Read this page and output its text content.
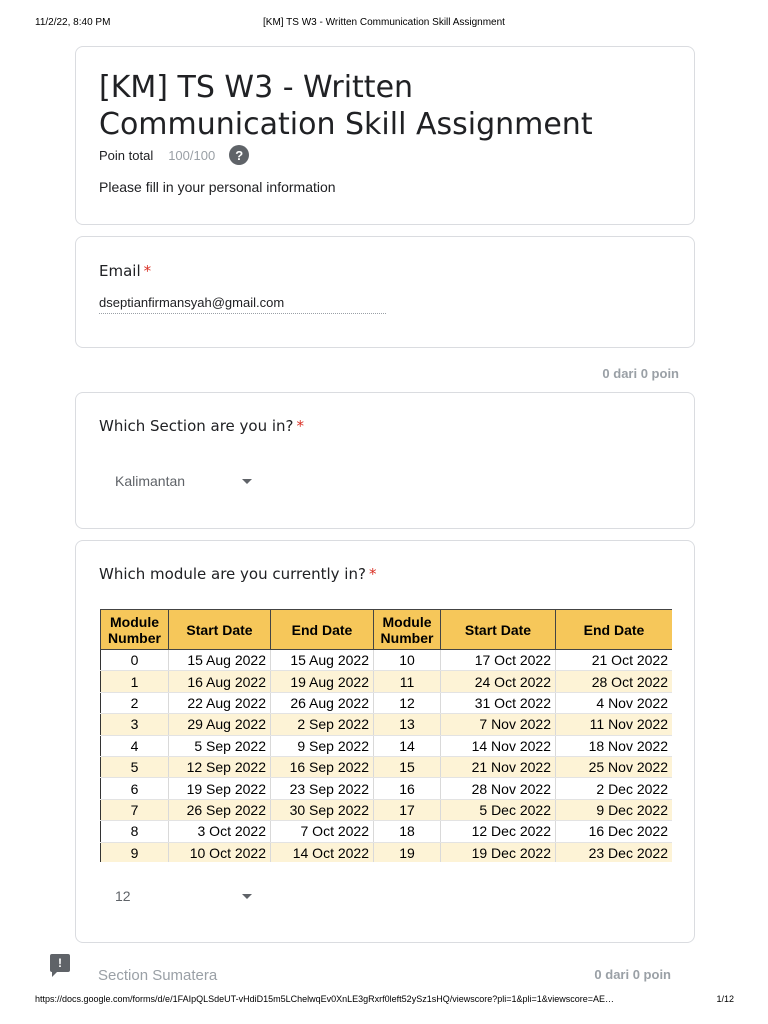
11/2/22, 8:40 PM	[KM] TS W3 - Written Communication Skill Assignment
[KM] TS W3 - Written Communication Skill Assignment
Poin total 100/100	?
Please fill in your personal information
Email *
dseptianfirmansyah@gmail.com
0 dari 0 poin
Which Section are you in? *
Kalimantan
Which module are you currently in? *
Module Number	Start Date	End Date	Module Number	Start Date	End Date
0	15 Aug 2022	15 Aug 2022	10	17 Oct 2022	21 Oct 2022
1	16 Aug 2022	19 Aug 2022	11	24 Oct 2022	28 Oct 2022
2	22 Aug 2022	26 Aug 2022	12	31 Oct 2022	4 Nov 2022
3	29 Aug 2022	2 Sep 2022	13	7 Nov 2022	11 Nov 2022
4	5 Sep 2022	9 Sep 2022	14	14 Nov 2022	18 Nov 2022
5	12 Sep 2022	16 Sep 2022	15	21 Nov 2022	25 Nov 2022
6	19 Sep 2022	23 Sep 2022	16	28 Nov 2022	2 Dec 2022
7	26 Sep 2022	30 Sep 2022	17	5 Dec 2022	9 Dec 2022
8	3 Oct 2022	7 Oct 2022	18	12 Dec 2022	16 Dec 2022
9	10 Oct 2022	14 Oct 2022	19	19 Dec 2022	23 Dec 2022
12
!
Section Sumatera	0 dari 0 poin
https://docs.google.com/forms/d/e/1FAIpQLSdeUT-vHdiD15m5LChelwqEv0XnLE3gRxrf0left52ySz1sHQ/viewscore?pli=1&pli=1&viewscore=AE…	1/12
